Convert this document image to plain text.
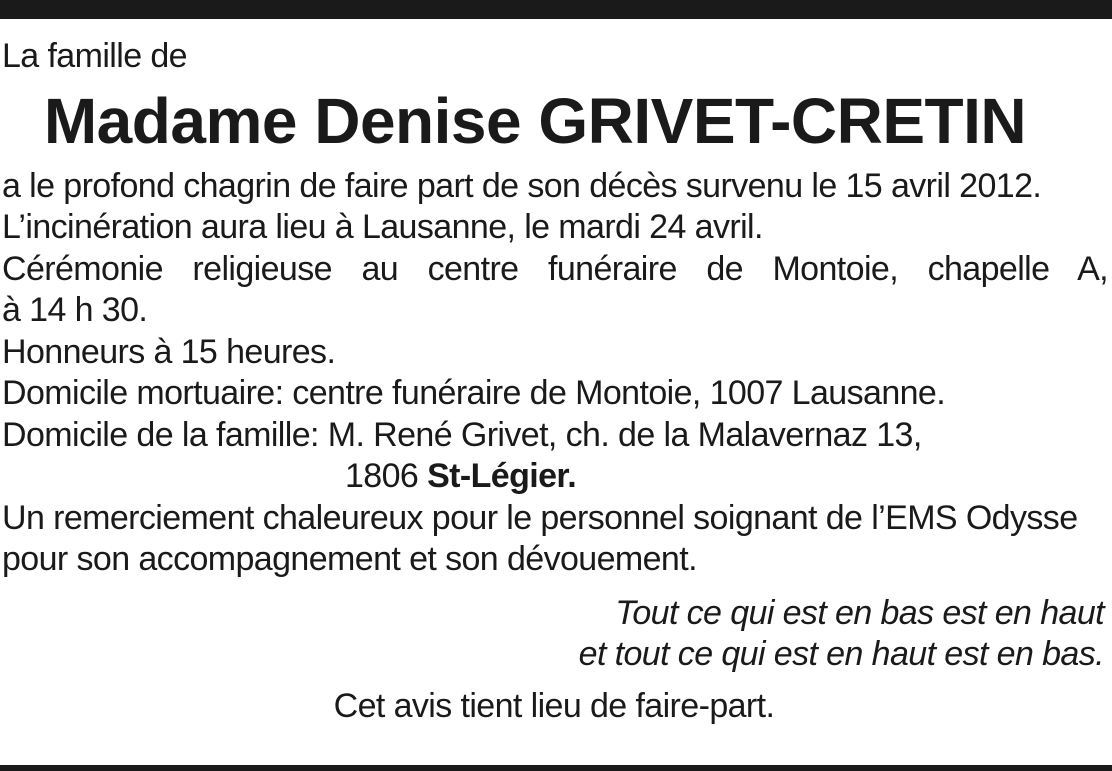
La famille de
Madame Denise GRIVET-CRETIN
a le profond chagrin de faire part de son décès survenu le 15 avril 2012.
L’incinération aura lieu à Lausanne, le mardi 24 avril.
Cérémonie religieuse au centre funéraire de Montoie, chapelle A,
à 14 h 30.
Honneurs à 15 heures.
Domicile mortuaire: centre funéraire de Montoie, 1007 Lausanne.
Domicile de la famille: M. René Grivet, ch. de la Malavernaz 13,
1806 St-Légier.
Un remerciement chaleureux pour le personnel soignant de l’EMS Odysse
pour son accompagnement et son dévouement.
Tout ce qui est en bas est en haut
et tout ce qui est en haut est en bas.
Cet avis tient lieu de faire-part.
